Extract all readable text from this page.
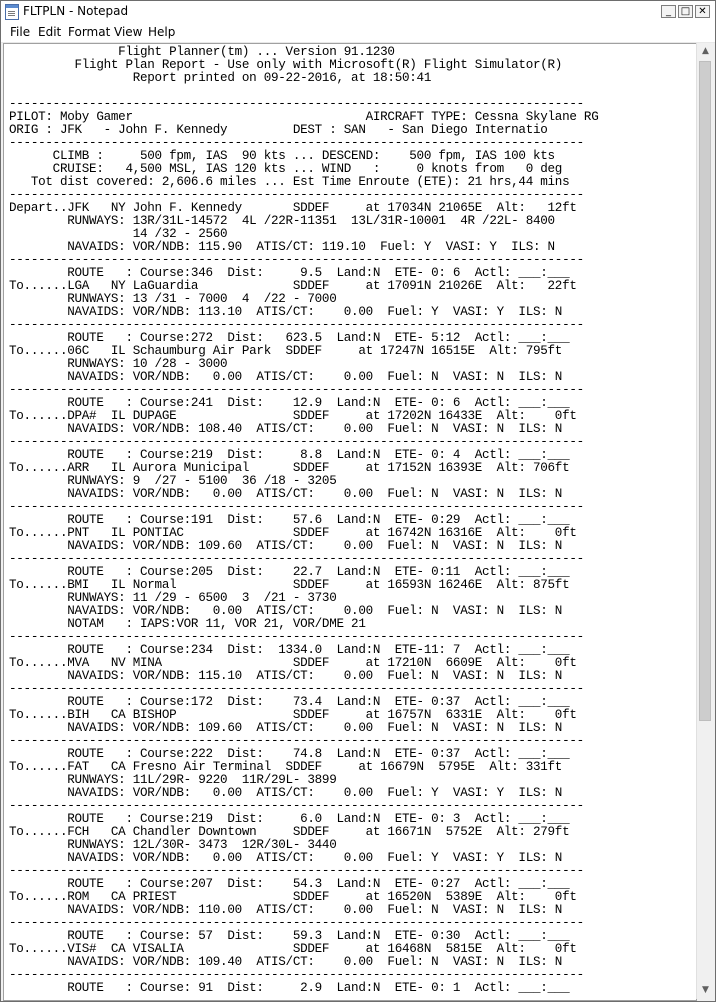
FLTPLN - Notepad	_ □ ✕
File Edit Format View Help
Flight Planner(tm) ... Version 91.1230
Flight Plan Report - Use only with Microsoft(R) Flight Simulator(R)
Report printed on 09-22-2016, at 18:50:41

-------------------------------------------------------------------------------
PILOT: Moby Gamer                                AIRCRAFT TYPE: Cessna Skylane RG
ORIG : JFK   - John F. Kennedy         DEST : SAN   - San Diego Internatio
-------------------------------------------------------------------------------
CLIMB :     500 fpm, IAS  90 kts ... DESCEND:    500 fpm, IAS 100 kts
CRUISE:   4,500 MSL, IAS 120 kts ... WIND   :     0 knots from   0 deg
Tot dist covered: 2,606.6 miles ... Est Time Enroute (ETE): 21 hrs,44 mins
-------------------------------------------------------------------------------
Depart..JFK   NY John F. Kennedy       SDDEF     at 17034N 21065E  Alt:   12ft
RUNWAYS: 13R/31L-14572  4L /22R-11351  13L/31R-10001  4R /22L- 8400
14 /32 - 2560
NAVAIDS: VOR/NDB: 115.90  ATIS/CT: 119.10  Fuel: Y  VASI: Y  ILS: N
-------------------------------------------------------------------------------
ROUTE   : Course:346  Dist:     9.5  Land:N  ETE- 0: 6  Actl: ___:___
To......LGA   NY LaGuardia             SDDEF     at 17091N 21026E  Alt:   22ft
RUNWAYS: 13 /31 - 7000  4  /22 - 7000
NAVAIDS: VOR/NDB: 113.10  ATIS/CT:    0.00  Fuel: Y  VASI: Y  ILS: N
-------------------------------------------------------------------------------
ROUTE   : Course:272  Dist:   623.5  Land:N  ETE- 5:12  Actl: ___:___
To......06C   IL Schaumburg Air Park  SDDEF     at 17247N 16515E  Alt: 795ft
RUNWAYS: 10 /28 - 3000
NAVAIDS: VOR/NDB:   0.00  ATIS/CT:    0.00  Fuel: N  VASI: N  ILS: N
-------------------------------------------------------------------------------
ROUTE   : Course:241  Dist:    12.9  Land:N  ETE- 0: 6  Actl: ___:___
To......DPA#  IL DUPAGE                SDDEF     at 17202N 16433E  Alt:    0ft
NAVAIDS: VOR/NDB: 108.40  ATIS/CT:    0.00  Fuel: N  VASI: N  ILS: N
-------------------------------------------------------------------------------
ROUTE   : Course:219  Dist:     8.8  Land:N  ETE- 0: 4  Actl: ___:___
To......ARR   IL Aurora Municipal      SDDEF     at 17152N 16393E  Alt: 706ft
RUNWAYS: 9  /27 - 5100  36 /18 - 3205
NAVAIDS: VOR/NDB:   0.00  ATIS/CT:    0.00  Fuel: N  VASI: N  ILS: N
-------------------------------------------------------------------------------
ROUTE   : Course:191  Dist:    57.6  Land:N  ETE- 0:29  Actl: ___:___
To......PNT   IL PONTIAC               SDDEF     at 16742N 16316E  Alt:    0ft
NAVAIDS: VOR/NDB: 109.60  ATIS/CT:    0.00  Fuel: N  VASI: N  ILS: N
-------------------------------------------------------------------------------
ROUTE   : Course:205  Dist:    22.7  Land:N  ETE- 0:11  Actl: ___:___
To......BMI   IL Normal                SDDEF     at 16593N 16246E  Alt: 875ft
RUNWAYS: 11 /29 - 6500  3  /21 - 3730
NAVAIDS: VOR/NDB:   0.00  ATIS/CT:    0.00  Fuel: N  VASI: N  ILS: N
NOTAM   : IAPS:VOR 11, VOR 21, VOR/DME 21
-------------------------------------------------------------------------------
ROUTE   : Course:234  Dist:  1334.0  Land:N  ETE-11: 7  Actl: ___:___
To......MVA   NV MINA                  SDDEF     at 17210N  6609E  Alt:    0ft
NAVAIDS: VOR/NDB: 115.10  ATIS/CT:    0.00  Fuel: N  VASI: N  ILS: N
-------------------------------------------------------------------------------
ROUTE   : Course:172  Dist:    73.4  Land:N  ETE- 0:37  Actl: ___:___
To......BIH   CA BISHOP                SDDEF     at 16757N  6331E  Alt:    0ft
NAVAIDS: VOR/NDB: 109.60  ATIS/CT:    0.00  Fuel: N  VASI: N  ILS: N
-------------------------------------------------------------------------------
ROUTE   : Course:222  Dist:    74.8  Land:N  ETE- 0:37  Actl: ___:___
To......FAT   CA Fresno Air Terminal  SDDEF     at 16679N  5795E  Alt: 331ft
RUNWAYS: 11L/29R- 9220  11R/29L- 3899
NAVAIDS: VOR/NDB:   0.00  ATIS/CT:    0.00  Fuel: Y  VASI: Y  ILS: N
-------------------------------------------------------------------------------
ROUTE   : Course:219  Dist:     6.0  Land:N  ETE- 0: 3  Actl: ___:___
To......FCH   CA Chandler Downtown     SDDEF     at 16671N  5752E  Alt: 279ft
RUNWAYS: 12L/30R- 3473  12R/30L- 3440
NAVAIDS: VOR/NDB:   0.00  ATIS/CT:    0.00  Fuel: Y  VASI: Y  ILS: N
-------------------------------------------------------------------------------
ROUTE   : Course:207  Dist:    54.3  Land:N  ETE- 0:27  Actl: ___:___
To......ROM   CA PRIEST                SDDEF     at 16520N  5389E  Alt:    0ft
NAVAIDS: VOR/NDB: 110.00  ATIS/CT:    0.00  Fuel: N  VASI: N  ILS: N
-------------------------------------------------------------------------------
ROUTE   : Course: 57  Dist:    59.3  Land:N  ETE- 0:30  Actl: ___:___
To......VIS#  CA VISALIA               SDDEF     at 16468N  5815E  Alt:    0ft
NAVAIDS: VOR/NDB: 109.40  ATIS/CT:    0.00  Fuel: N  VASI: N  ILS: N
-------------------------------------------------------------------------------
ROUTE   : Course: 91  Dist:     2.9  Land:N  ETE- 0: 1  Actl: ___:___

▲
▼
